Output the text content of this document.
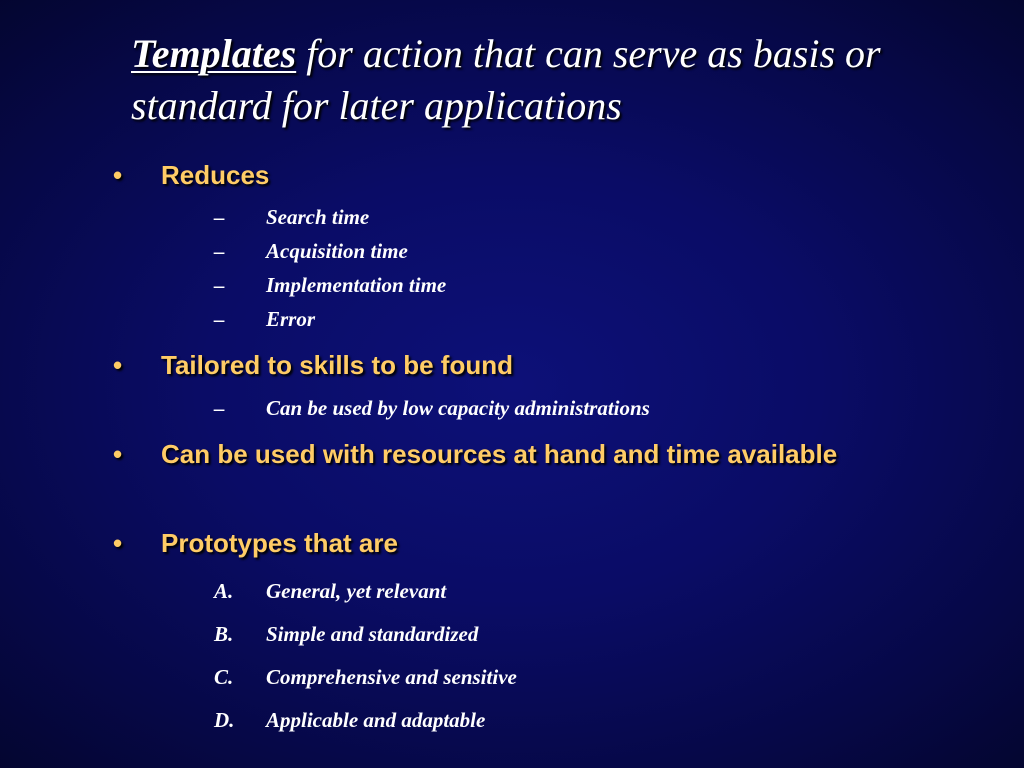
Templates for action that can serve as basis or standard for later applications
• Reduces
– Search time
– Acquisition time
– Implementation time
– Error
• Tailored to skills to be found
– Can be used by low capacity administrations
• Can be used with resources at hand and time available
• Prototypes that are
A. General, yet relevant
B. Simple and standardized
C. Comprehensive and sensitive
D. Applicable and adaptable
